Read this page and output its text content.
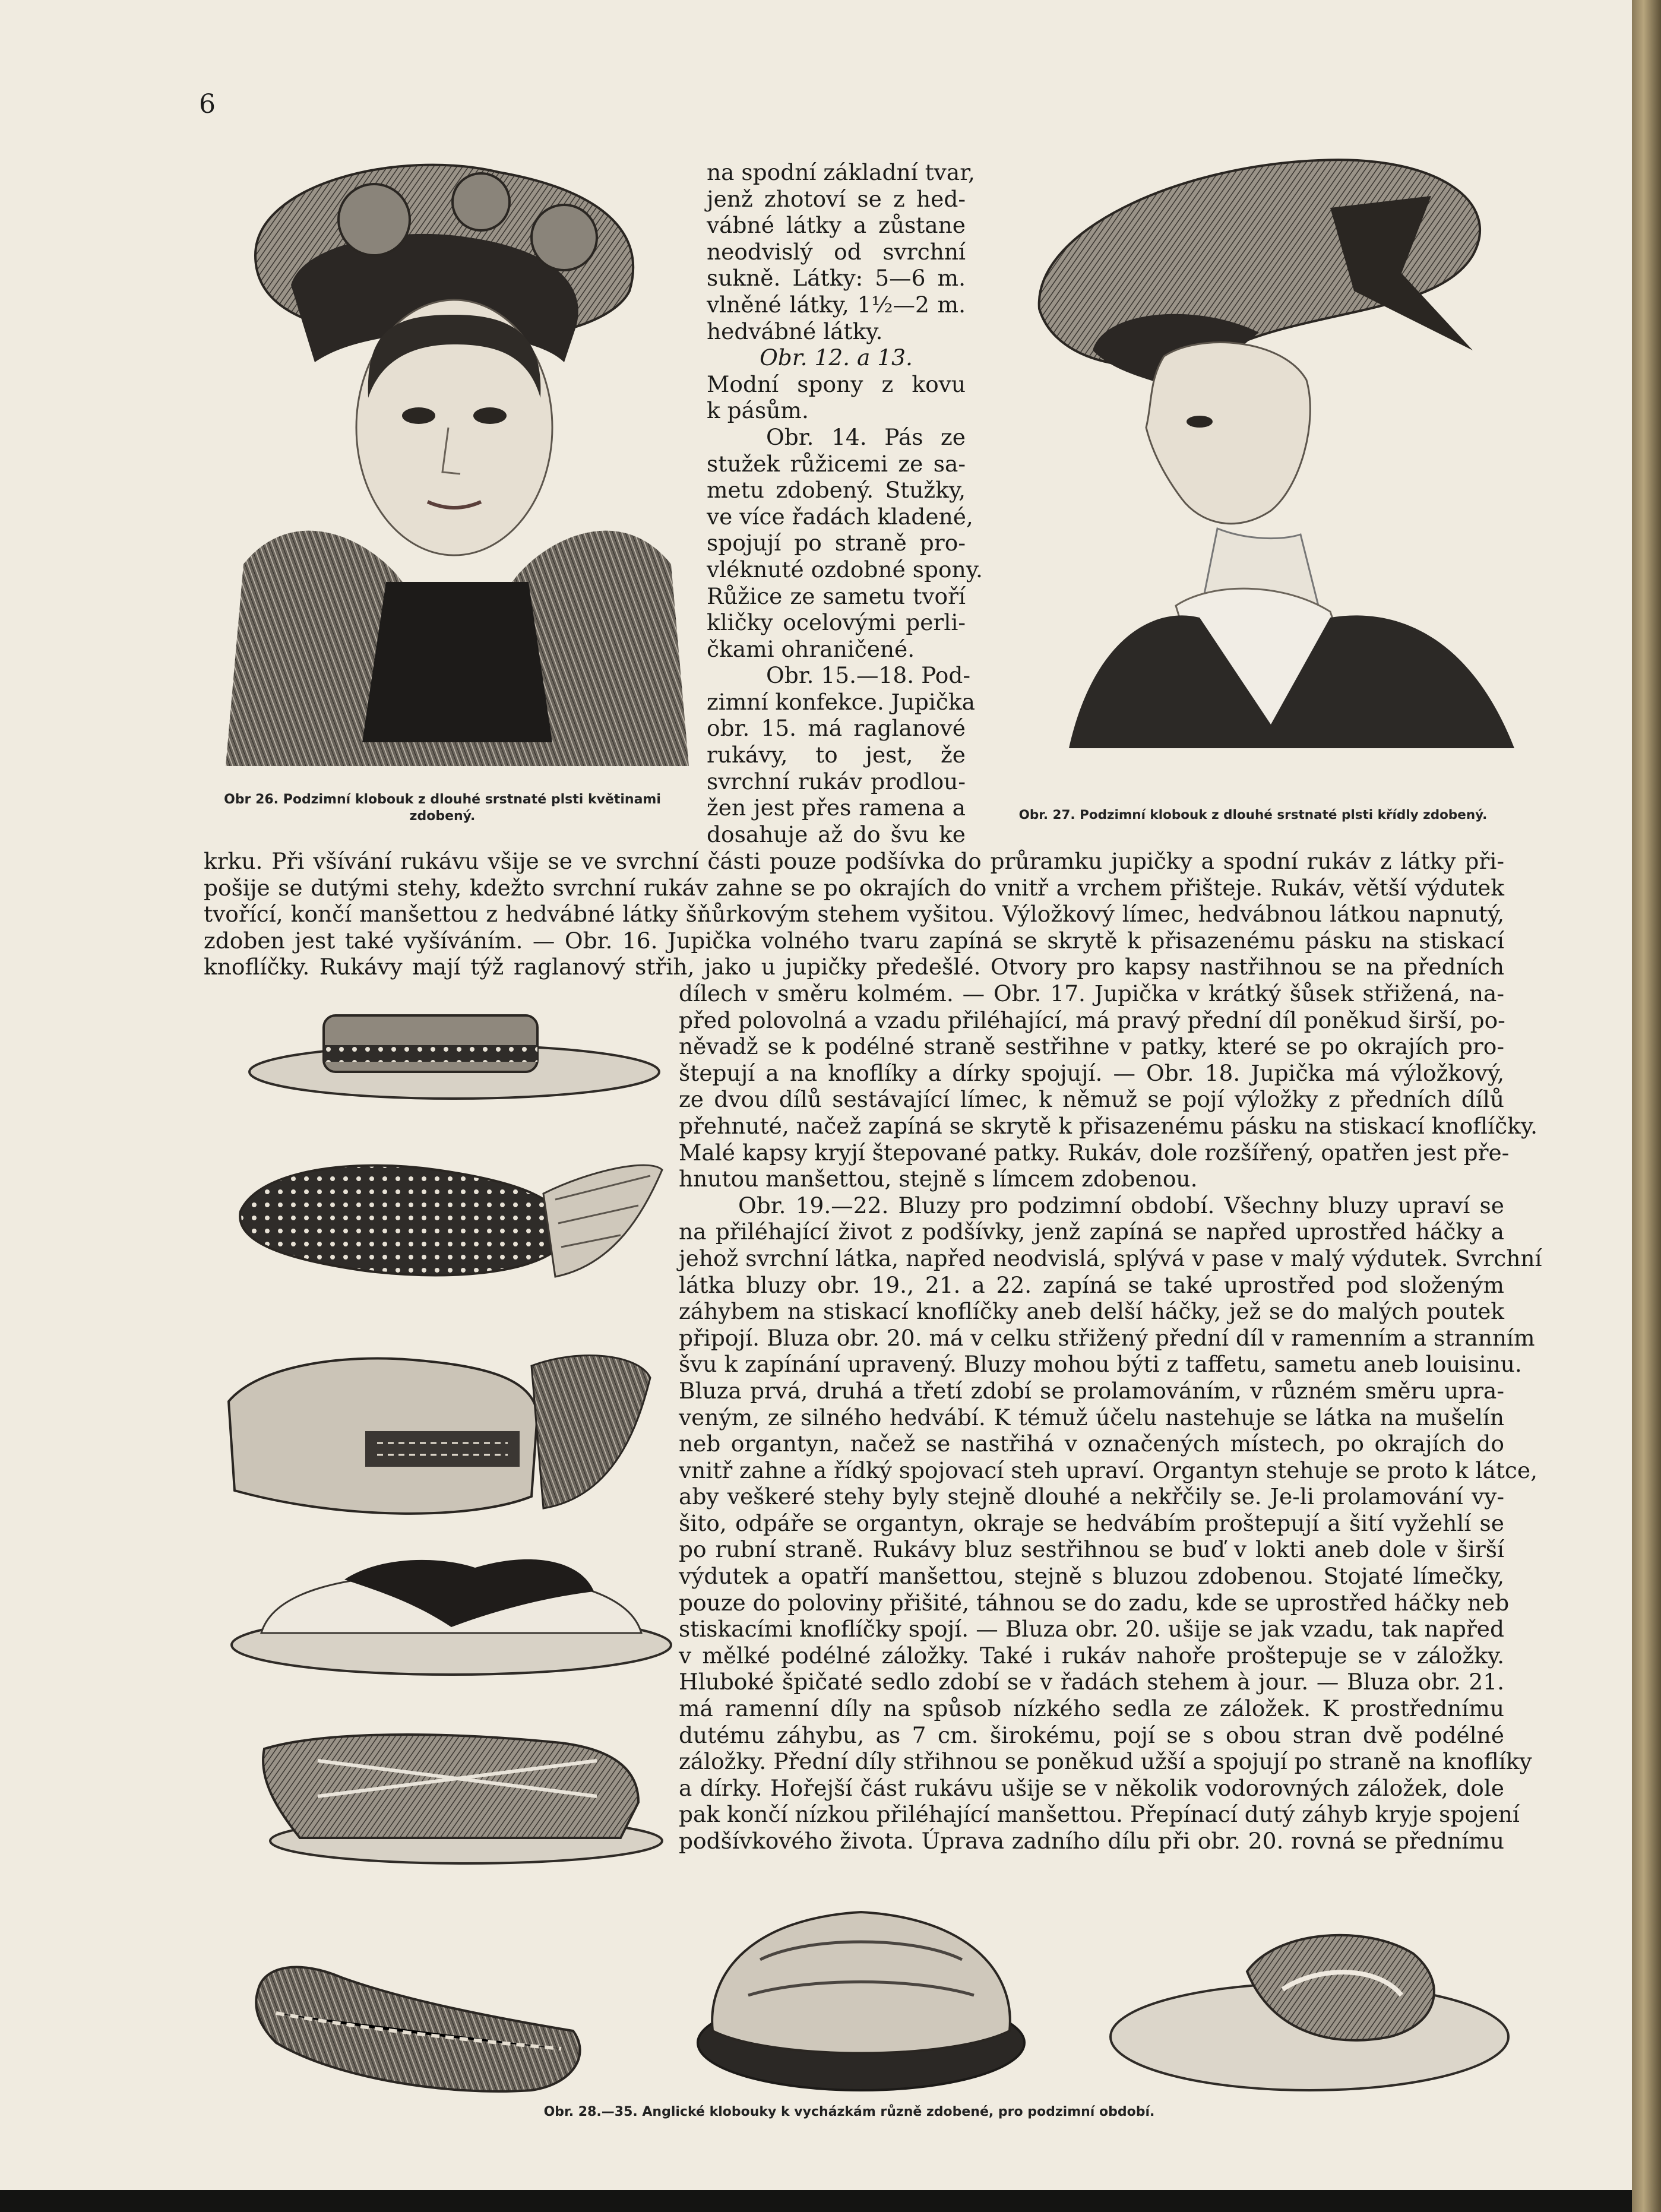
6
Obr 26. Podzimní klobouk z dlouhé srstnaté plsti květinami
zdobený.	Obr. 27. Podzimní klobouk z dlouhé srstnaté plsti křídly zdobený.
na spodní základní tvar,
jenž zhotoví se z hed-
vábné látky a zůstane
neodvislý od svrchní
sukně. Látky: 5—6 m.
vlněné látky, 1½—2 m.
hedvábné látky.
Obr. 12. a 13.
Modní spony z kovu
k pásům.
Obr. 14. Pás ze
stužek růžicemi ze sa-
metu zdobený. Stužky,
ve více řadách kladené,
spojují po straně pro-
vléknuté ozdobné spony.
Růžice ze sametu tvoří
kličky ocelovými perli-
čkami ohraničené.
Obr. 15.—18. Pod-
zimní konfekce. Jupička
obr. 15. má raglanové
rukávy, to jest, že
svrchní rukáv prodlou-
žen jest přes ramena a
dosahuje až do švu ke
krku. Při všívání rukávu všije se ve svrchní části pouze podšívka do průramku jupičky a spodní rukáv z látky při-
pošije se dutými stehy, kdežto svrchní rukáv zahne se po okrajích do vnitř a vrchem přišteje. Rukáv, větší výdutek
tvořící, končí manšettou z hedvábné látky šňůrkovým stehem vyšitou. Výložkový límec, hedvábnou látkou napnutý,
zdoben jest také vyšíváním. — Obr. 16. Jupička volného tvaru zapíná se skrytě k přisazenému pásku na stiskací
knoflíčky. Rukávy mají týž raglanový střih, jako u jupičky předešlé. Otvory pro kapsy nastřihnou se na předních
dílech v směru kolmém. — Obr. 17. Jupička v krátký šůsek střižená, na-
před polovolná a vzadu přiléhající, má pravý přední díl poněkud širší, po-
něvadž se k podélné straně sestřihne v patky, které se po okrajích pro-
štepují a na knoflíky a dírky spojují. — Obr. 18. Jupička má výložkový,
ze dvou dílů sestávající límec, k němuž se pojí výložky z předních dílů
přehnuté, načež zapíná se skrytě k přisazenému pásku na stiskací knoflíčky.
Malé kapsy kryjí štepované patky. Rukáv, dole rozšířený, opatřen jest pře-
hnutou manšettou, stejně s límcem zdobenou.
Obr. 19.—22. Bluzy pro podzimní období. Všechny bluzy upraví se
na přiléhající život z podšívky, jenž zapíná se napřed uprostřed háčky a
jehož svrchní látka, napřed neodvislá, splývá v pase v malý výdutek. Svrchní
látka bluzy obr. 19., 21. a 22. zapíná se také uprostřed pod složeným
záhybem na stiskací knoflíčky aneb delší háčky, jež se do malých poutek
připojí. Bluza obr. 20. má v celku střižený přední díl v ramenním a stranním
švu k zapínání upravený. Bluzy mohou býti z taffetu, sametu aneb louisinu.
Bluza prvá, druhá a třetí zdobí se prolamováním, v různém směru upra-
veným, ze silného hedvábí. K témuž účelu nastehuje se látka na mušelín
neb organtyn, načež se nastřihá v označených místech, po okrajích do
vnitř zahne a řídký spojovací steh upraví. Organtyn stehuje se proto k látce,
aby veškeré stehy byly stejně dlouhé a nekřčily se. Je-li prolamování vy-
šito, odpáře se organtyn, okraje se hedvábím proštepují a šití vyžehlí se
po rubní straně. Rukávy bluz sestřihnou se buď v lokti aneb dole v širší
výdutek a opatří manšettou, stejně s bluzou zdobenou. Stojaté límečky,
pouze do poloviny přišité, táhnou se do zadu, kde se uprostřed háčky neb
stiskacími knoflíčky spojí. — Bluza obr. 20. ušije se jak vzadu, tak napřed
v mělké podélné záložky. Také i rukáv nahoře proštepuje se v záložky.
Hluboké špičaté sedlo zdobí se v řadách stehem à jour. — Bluza obr. 21.
má ramenní díly na spůsob nízkého sedla ze záložek. K prostřednímu
dutému záhybu, as 7 cm. širokému, pojí se s obou stran dvě podélné
záložky. Přední díly střihnou se poněkud užší a spojují po straně na knoflíky
a dírky. Hořejší část rukávu ušije se v několik vodorovných záložek, dole
pak končí nízkou přiléhající manšettou. Přepínací dutý záhyb kryje spojení
podšívkového života. Úprava zadního dílu při obr. 20. rovná se přednímu
Obr. 28.—35. Anglické klobouky k vycházkám různě zdobené, pro podzimní období.
